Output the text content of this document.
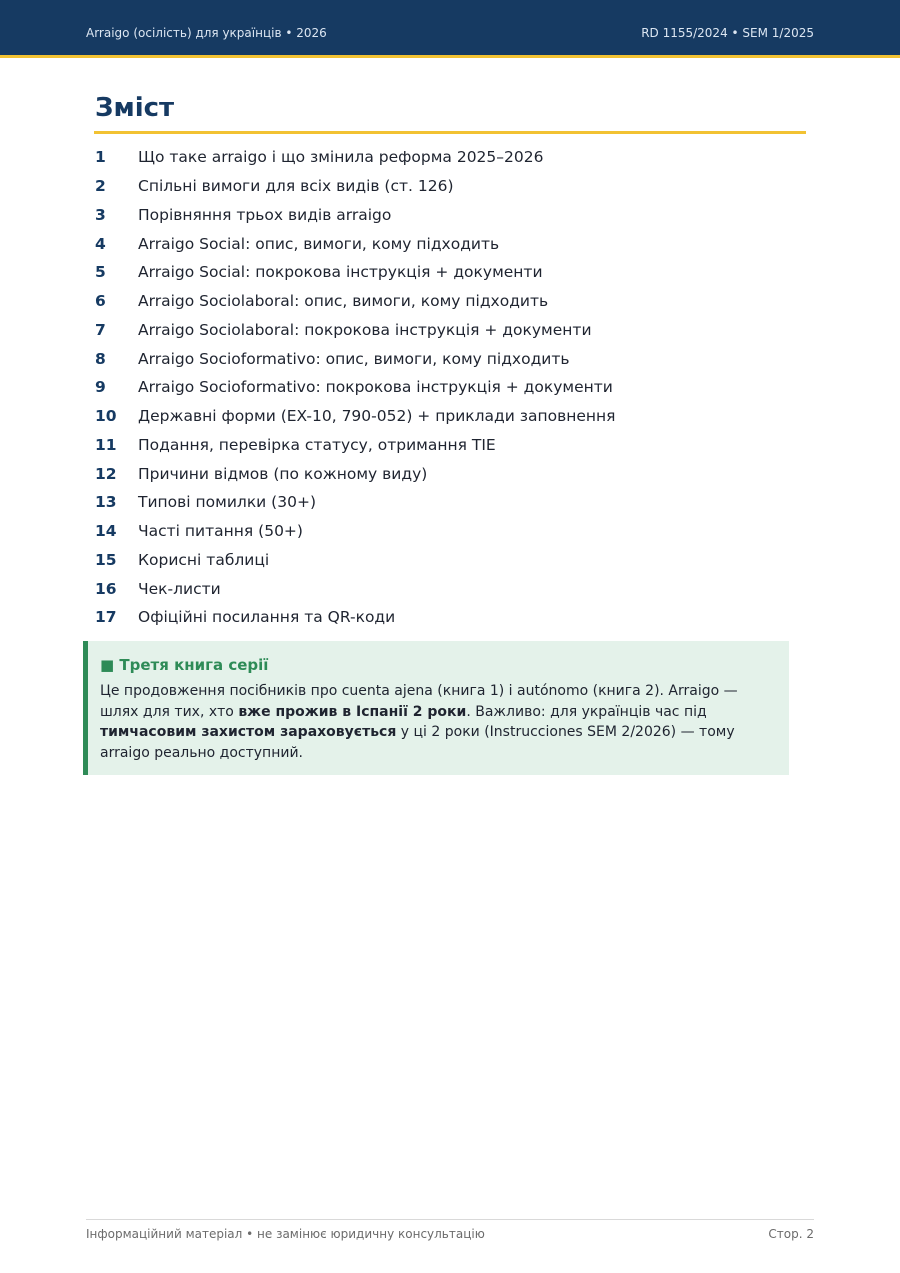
Arraigo (осілість) для українців • 2026	RD 1155/2024 • SEM 1/2025
Зміст
1	Що таке arraigo і що змінила реформа 2025–2026
2	Спільні вимоги для всіх видів (ст. 126)
3	Порівняння трьох видів arraigo
4	Arraigo Social: опис, вимоги, кому підходить
5	Arraigo Social: покрокова інструкція + документи
6	Arraigo Sociolaboral: опис, вимоги, кому підходить
7	Arraigo Sociolaboral: покрокова інструкція + документи
8	Arraigo Socioformativo: опис, вимоги, кому підходить
9	Arraigo Socioformativo: покрокова інструкція + документи
10	Державні форми (EX-10, 790-052) + приклади заповнення
11	Подання, перевірка статусу, отримання TIE
12	Причини відмов (по кожному виду)
13	Типові помилки (30+)
14	Часті питання (50+)
15	Корисні таблиці
16	Чек-листи
17	Офіційні посилання та QR-коди

■ Третя книга серії

Це продовження посібників про cuenta ajena (книга 1) і autónomo (книга 2). Arraigo — шлях для тих, хто вже прожив в Іспанії 2 роки. Важливо: для українців час під тимчасовим захистом зараховується у ці 2 роки (Instrucciones SEM 2/2026) — тому arraigo реально доступний.

Інформаційний матеріал • не замінює юридичну консультацію	Стор. 2
